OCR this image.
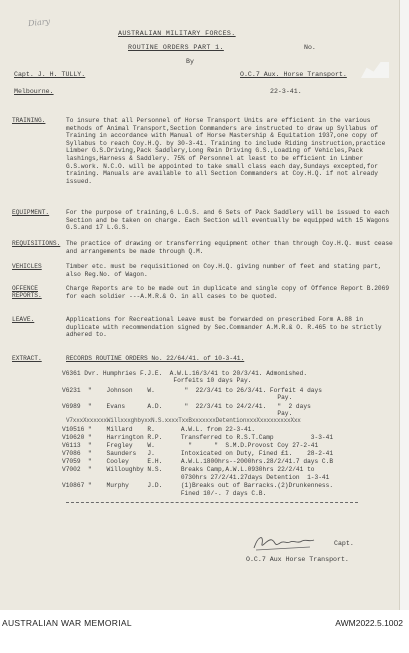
Diary
AUSTRALIAN MILITARY FORCES.
ROUTINE ORDERS PART 1.	No.
By
Capt. J. H. TULLY.	O.C.7 Aux. Horse Transport.
Melbourne.	22-3-41.
TRAINING.	To insure that all Personnel of Horse Transport Units are efficient in the various methods of Animal Transport,Section Commanders are instructed to draw up Syllabus of Training in accordance with Manual of Horse Mastership & Equitation 1937,one copy of Syllabus to reach Coy.H.Q. by 30-3-41. Training to include Riding instruction,practice Limber G.S.Driving,Pack Saddlery,Long Rein Driving G.S.,Loading of Vehicles,Pack lashings,Harness & Saddlery. 75% of Personnel at least to be efficient in Limber G.S.work. N.C.O. will be appointed to take small class each day,Sundays excepted,for training. Manuals are available to all Section Commanders at Coy.H.Q. if not already issued.
EQUIPMENT.	For the purpose of training,6 L.G.S. and 6 Sets of Pack Saddlery will be issued to each Section and be taken on charge. Each Section will eventually be equipped with 15 Wagons G.S.and 17 L.G.S.
REQUISITIONS. The practice of drawing or transferring equipment other than through Coy.H.Q. must cease and arrangements be made through Q.M.
VEHICLES	Timber etc. must be requisitioned on Coy.H.Q. giving number of feet and stating part, also Reg.No. of Wagon.
OFFENCE REPORTS.
Charge Reports are to be made out in duplicate and single copy of Offence Report B.2069 for each soldier ---A.M.R.& O. in all cases to be quoted.
LEAVE.	Applications for Recreational Leave must be forwarded on prescribed Form A.88 in duplicate with recommendation signed by Sec.Commander A.M.R.& O. R.465 to be strictly adhered to.
EXTRACT.	RECORDS ROUTINE ORDERS No. 22/64/41. of 10-3-41.
V6361 Dvr. Humphries F.J.E.  A.W.L.16/3/41 to 20/3/41. Admonished.
Forfeits 10 days Pay.
V6231  "    Johnson    W.        "  22/3/41 to 26/3/41. Forfeit 4 days
Pay.
V6989  "    Evans      A.D.      "  22/3/41 to 24/2/41.   "  2 days
Pay.
V7xxxXxxxxxxWillxxxghbyxxN.S.xxxxTxxBxxxxxxxDetentionxxxXxxxxxxxxxXxx
V10516 "    Millard    R.       A.W.L. from 22-3-41.
V10620 "    Harrington R.P.     Transferred to R.S.T.Camp          3-3-41
V6113  "    Fregley    W.         "      "  S.M.D.Provost Coy 27-2-41
V7086  "    Saunders   J.       Intoxicated on Duty, Fined £1.    28-2-41
V7059  "    Cooley     E.H.     A.W.L.1800hrs--2000hrs.28/2/41.7 days C.B
V7002  "    Willoughby N.S.     Breaks Camp,A.W.L.0930hrs 22/2/41 to
0730hrs 27/2/41.27days Detention  1-3-41
V10867 "    Murphy     J.D.     (1)Breaks out of Barracks.(2)Drunkenness.
Fined 10/-. 7 days C.B.
Capt.
O.C.7 Aux Horse Transport.
AUSTRALIAN WAR MEMORIAL	AWM2022.5.1002
